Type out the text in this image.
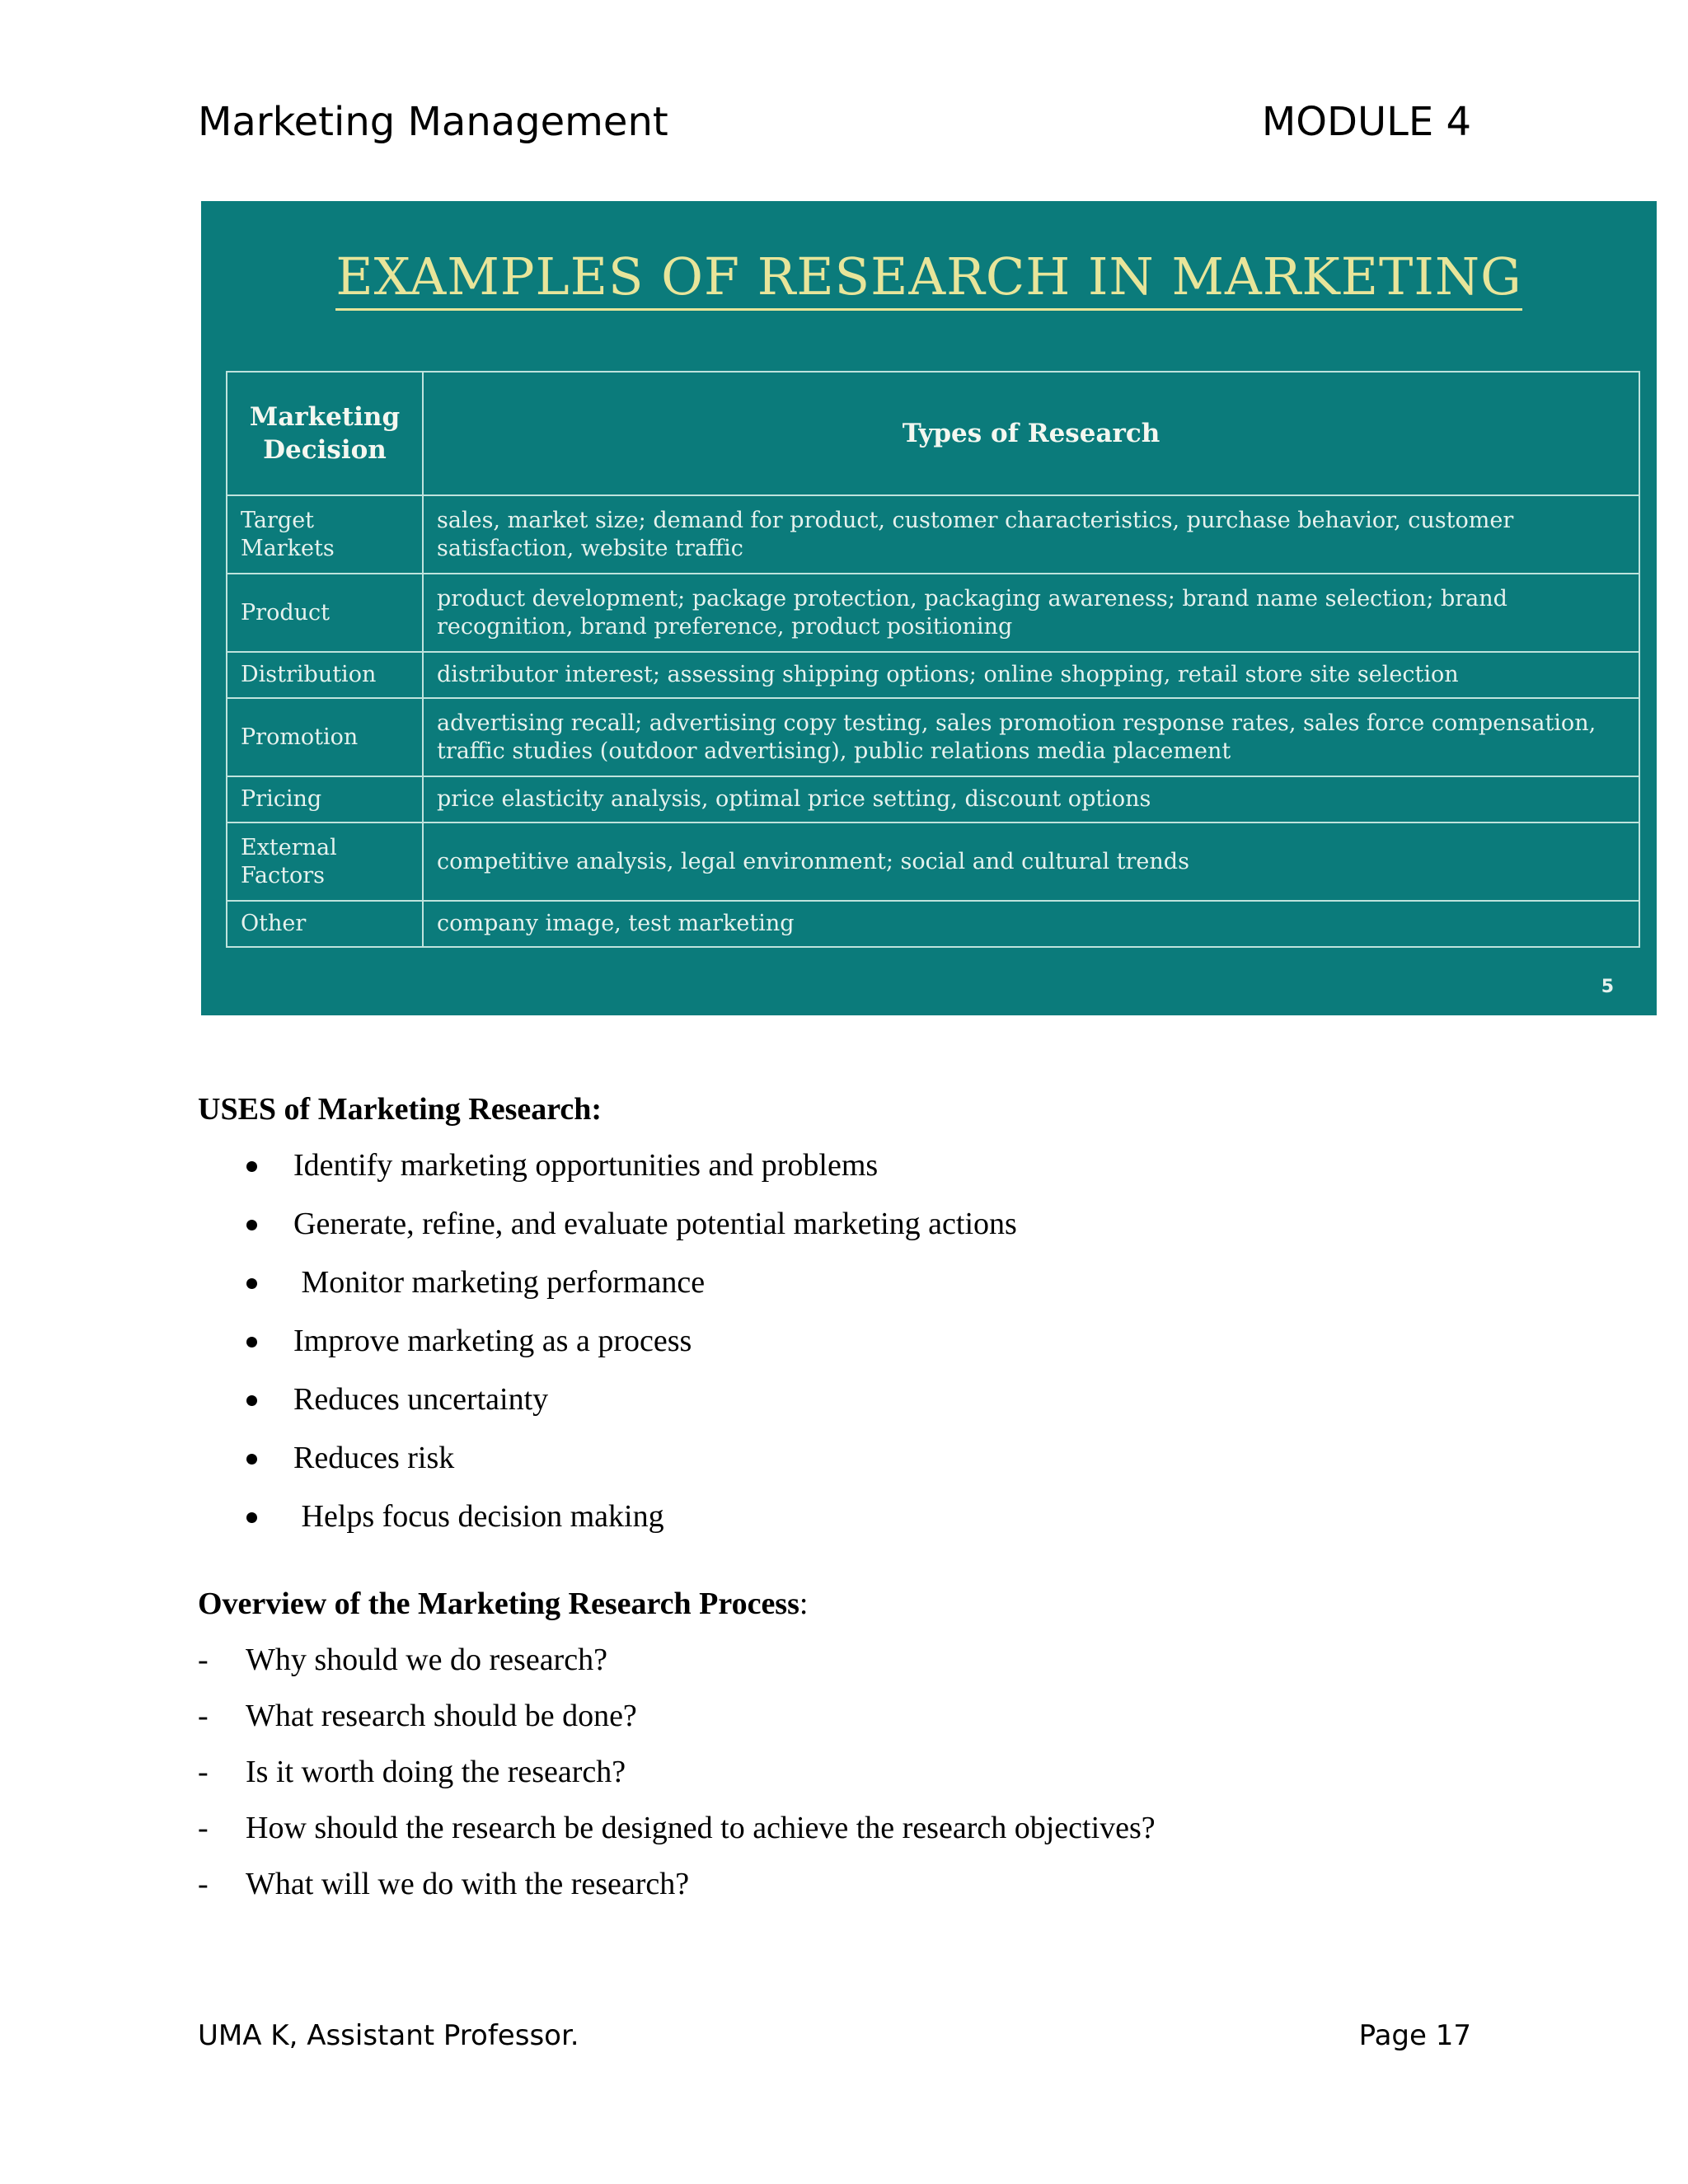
Marketing Management	MODULE 4
EXAMPLES OF RESEARCH IN MARKETING
Marketing Decision	Types of Research
Target Markets	sales, market size; demand for product, customer characteristics, purchase behavior, customer satisfaction, website traffic
Product	product development; package protection, packaging awareness; brand name selection; brand recognition, brand preference, product positioning
Distribution	distributor interest; assessing shipping options; online shopping, retail store site selection
Promotion	advertising recall; advertising copy testing, sales promotion response rates, sales force compensation, traffic studies (outdoor advertising), public relations media placement
Pricing	price elasticity analysis, optimal price setting, discount options
External Factors	competitive analysis, legal environment; social and cultural trends
Other	company image, test marketing
5
USES of Marketing Research:
Identify marketing opportunities and problems
Generate, refine, and evaluate potential marketing actions
Monitor marketing performance
Improve marketing as a process
Reduces uncertainty
Reduces risk
Helps focus decision making
Overview of the Marketing Research Process:
- Why should we do research?
- What research should be done?
- Is it worth doing the research?
- How should the research be designed to achieve the research objectives?
- What will we do with the research?
UMA K, Assistant Professor.	Page 17
